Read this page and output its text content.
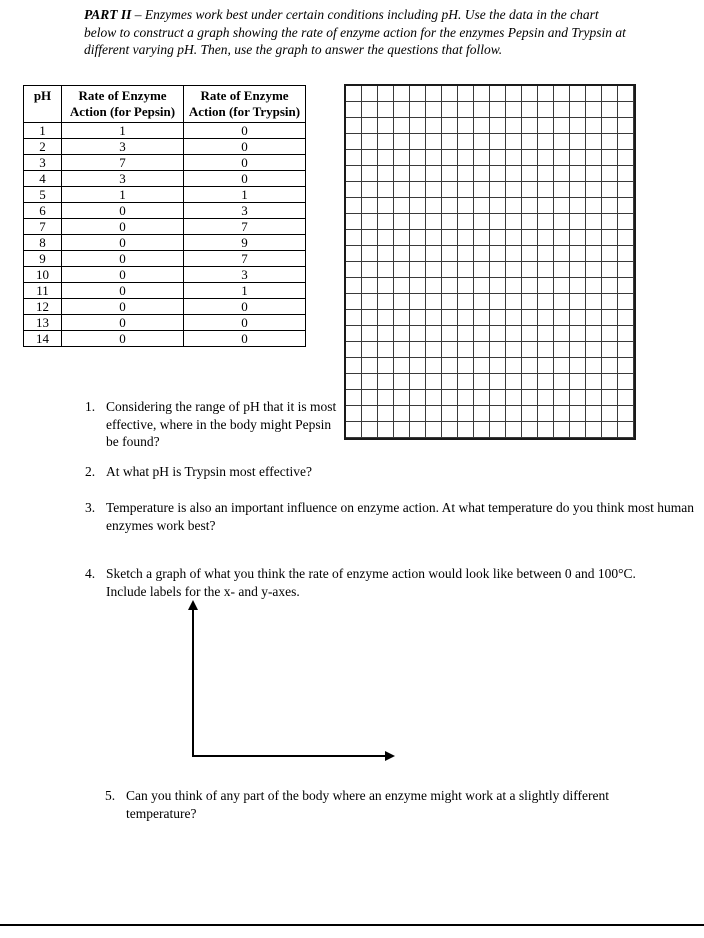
PART II – Enzymes work best under certain conditions including pH. Use the data in the chart below to construct a graph showing the rate of enzyme action for the enzymes Pepsin and Trypsin at different varying pH. Then, use the graph to answer the questions that follow.
pH	Rate of Enzyme Action (for Pepsin)	Rate of Enzyme Action (for Trypsin)
1	1	0
2	3	0
3	7	0
4	3	0
5	1	1
6	0	3
7	0	7
8	0	9
9	0	7
10	0	3
11	0	1
12	0	0
13	0	0
14	0	0
1. Considering the range of pH that it is most effective, where in the body might Pepsin be found?
2. At what pH is Trypsin most effective?
3. Temperature is also an important influence on enzyme action. At what temperature do you think most human enzymes work best?
4. Sketch a graph of what you think the rate of enzyme action would look like between 0 and 100°C. Include labels for the x- and y-axes.
5. Can you think of any part of the body where an enzyme might work at a slightly different temperature?
